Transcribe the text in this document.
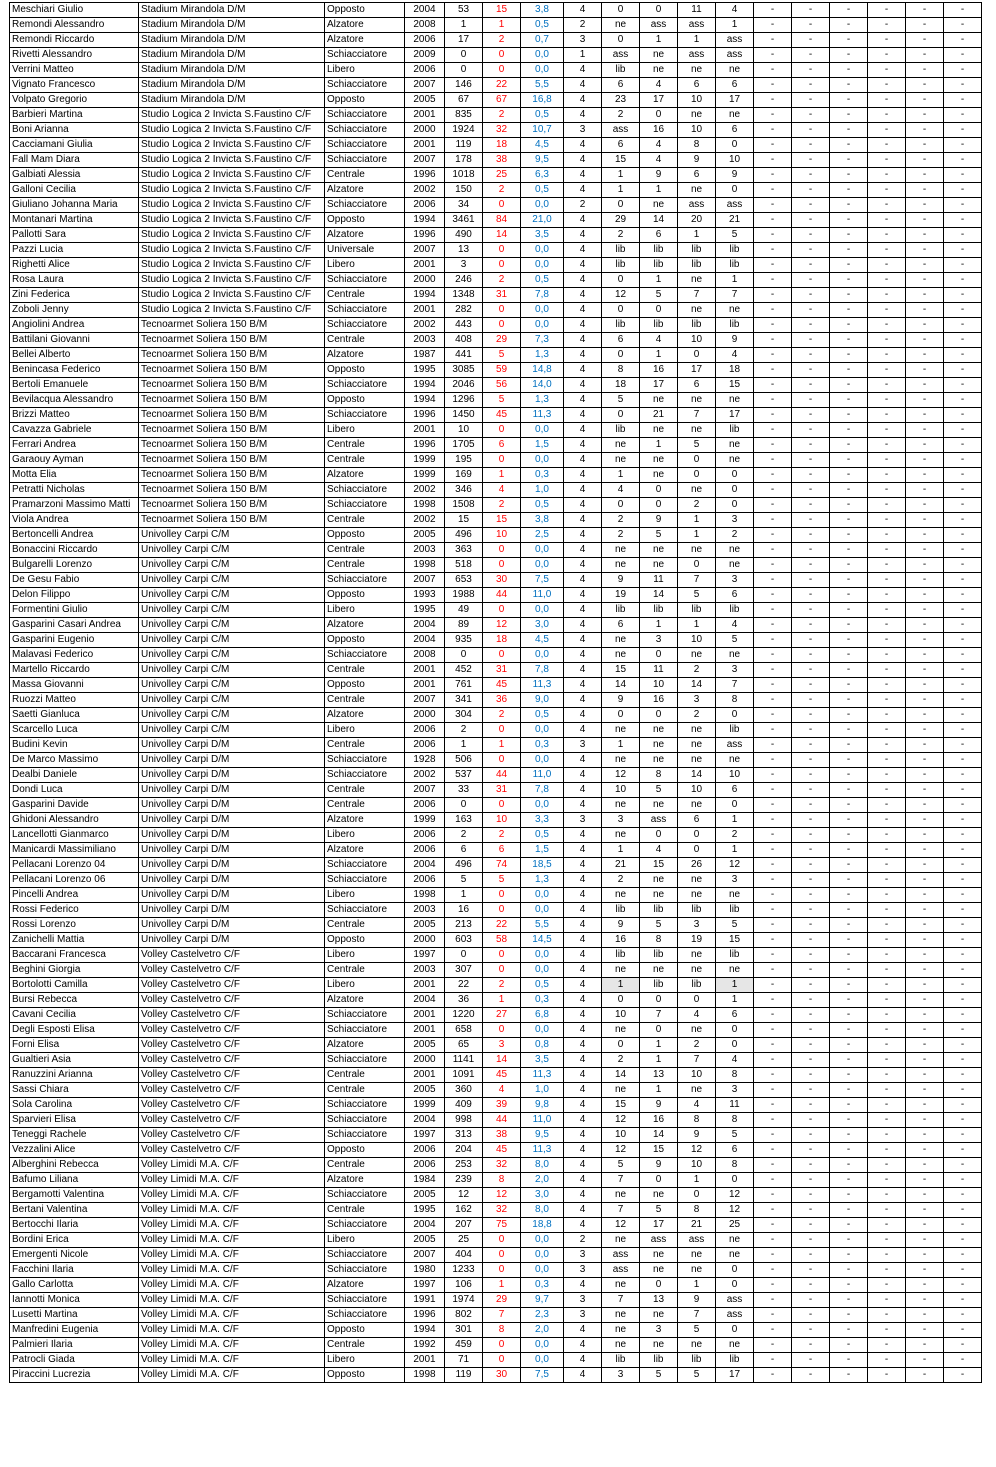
Meschiari Giulio	Stadium Mirandola D/M	Opposto	2004	53	15	3,8	4	0	0	11	4	-	-	-	-	-	-
Remondi Alessandro	Stadium Mirandola D/M	Alzatore	2008	1	1	0,5	2	ne	ass	ass	1	-	-	-	-	-	-
Remondi Riccardo	Stadium Mirandola D/M	Alzatore	2006	17	2	0,7	3	0	1	1	ass	-	-	-	-	-	-
Rivetti Alessandro	Stadium Mirandola D/M	Schiacciatore	2009	0	0	0,0	1	ass	ne	ass	ass	-	-	-	-	-	-
Verrini Matteo	Stadium Mirandola D/M	Libero	2006	0	0	0,0	4	lib	ne	ne	ne	-	-	-	-	-	-
Vignato Francesco	Stadium Mirandola D/M	Schiacciatore	2007	146	22	5,5	4	6	4	6	6	-	-	-	-	-	-
Volpato Gregorio	Stadium Mirandola D/M	Opposto	2005	67	67	16,8	4	23	17	10	17	-	-	-	-	-	-
Barbieri Martina	Studio Logica 2 Invicta S.Faustino C/F	Schiacciatore	2001	835	2	0,5	4	2	0	ne	ne	-	-	-	-	-	-
Boni Arianna	Studio Logica 2 Invicta S.Faustino C/F	Schiacciatore	2000	1924	32	10,7	3	ass	16	10	6	-	-	-	-	-	-
Cacciamani Giulia	Studio Logica 2 Invicta S.Faustino C/F	Schiacciatore	2001	119	18	4,5	4	6	4	8	0	-	-	-	-	-	-
Fall Mam Diara	Studio Logica 2 Invicta S.Faustino C/F	Schiacciatore	2007	178	38	9,5	4	15	4	9	10	-	-	-	-	-	-
Galbiati Alessia	Studio Logica 2 Invicta S.Faustino C/F	Centrale	1996	1018	25	6,3	4	1	9	6	9	-	-	-	-	-	-
Galloni Cecilia	Studio Logica 2 Invicta S.Faustino C/F	Alzatore	2002	150	2	0,5	4	1	1	ne	0	-	-	-	-	-	-
Giuliano Johanna Maria	Studio Logica 2 Invicta S.Faustino C/F	Schiacciatore	2006	34	0	0,0	2	0	ne	ass	ass	-	-	-	-	-	-
Montanari Martina	Studio Logica 2 Invicta S.Faustino C/F	Opposto	1994	3461	84	21,0	4	29	14	20	21	-	-	-	-	-	-
Pallotti Sara	Studio Logica 2 Invicta S.Faustino C/F	Alzatore	1996	490	14	3,5	4	2	6	1	5	-	-	-	-	-	-
Pazzi Lucia	Studio Logica 2 Invicta S.Faustino C/F	Universale	2007	13	0	0,0	4	lib	lib	lib	lib	-	-	-	-	-	-
Righetti Alice	Studio Logica 2 Invicta S.Faustino C/F	Libero	2001	3	0	0,0	4	lib	lib	lib	lib	-	-	-	-	-	-
Rosa Laura	Studio Logica 2 Invicta S.Faustino C/F	Schiacciatore	2000	246	2	0,5	4	0	1	ne	1	-	-	-	-	-	-
Zini Federica	Studio Logica 2 Invicta S.Faustino C/F	Centrale	1994	1348	31	7,8	4	12	5	7	7	-	-	-	-	-	-
Zoboli Jenny	Studio Logica 2 Invicta S.Faustino C/F	Schiacciatore	2001	282	0	0,0	4	0	0	ne	ne	-	-	-	-	-	-
Angiolini Andrea	Tecnoarmet Soliera 150 B/M	Schiacciatore	2002	443	0	0,0	4	lib	lib	lib	lib	-	-	-	-	-	-
Battilani Giovanni	Tecnoarmet Soliera 150 B/M	Centrale	2003	408	29	7,3	4	6	4	10	9	-	-	-	-	-	-
Bellei Alberto	Tecnoarmet Soliera 150 B/M	Alzatore	1987	441	5	1,3	4	0	1	0	4	-	-	-	-	-	-
Benincasa Federico	Tecnoarmet Soliera 150 B/M	Opposto	1995	3085	59	14,8	4	8	16	17	18	-	-	-	-	-	-
Bertoli Emanuele	Tecnoarmet Soliera 150 B/M	Schiacciatore	1994	2046	56	14,0	4	18	17	6	15	-	-	-	-	-	-
Bevilacqua Alessandro	Tecnoarmet Soliera 150 B/M	Opposto	1994	1296	5	1,3	4	5	ne	ne	ne	-	-	-	-	-	-
Brizzi Matteo	Tecnoarmet Soliera 150 B/M	Schiacciatore	1996	1450	45	11,3	4	0	21	7	17	-	-	-	-	-	-
Cavazza Gabriele	Tecnoarmet Soliera 150 B/M	Libero	2001	10	0	0,0	4	lib	ne	ne	lib	-	-	-	-	-	-
Ferrari Andrea	Tecnoarmet Soliera 150 B/M	Centrale	1996	1705	6	1,5	4	ne	1	5	ne	-	-	-	-	-	-
Garaouy Ayman	Tecnoarmet Soliera 150 B/M	Centrale	1999	195	0	0,0	4	ne	ne	0	ne	-	-	-	-	-	-
Motta Elia	Tecnoarmet Soliera 150 B/M	Alzatore	1999	169	1	0,3	4	1	ne	0	0	-	-	-	-	-	-
Petratti Nicholas	Tecnoarmet Soliera 150 B/M	Schiacciatore	2002	346	4	1,0	4	4	0	ne	0	-	-	-	-	-	-
Pramarzoni Massimo Matti	Tecnoarmet Soliera 150 B/M	Schiacciatore	1998	1508	2	0,5	4	0	0	2	0	-	-	-	-	-	-
Viola Andrea	Tecnoarmet Soliera 150 B/M	Centrale	2002	15	15	3,8	4	2	9	1	3	-	-	-	-	-	-
Bertoncelli Andrea	Univolley Carpi C/M	Opposto	2005	496	10	2,5	4	2	5	1	2	-	-	-	-	-	-
Bonaccini Riccardo	Univolley Carpi C/M	Centrale	2003	363	0	0,0	4	ne	ne	ne	ne	-	-	-	-	-	-
Bulgarelli Lorenzo	Univolley Carpi C/M	Centrale	1998	518	0	0,0	4	ne	ne	0	ne	-	-	-	-	-	-
De Gesu Fabio	Univolley Carpi C/M	Schiacciatore	2007	653	30	7,5	4	9	11	7	3	-	-	-	-	-	-
Delon Filippo	Univolley Carpi C/M	Opposto	1993	1988	44	11,0	4	19	14	5	6	-	-	-	-	-	-
Formentini Giulio	Univolley Carpi C/M	Libero	1995	49	0	0,0	4	lib	lib	lib	lib	-	-	-	-	-	-
Gasparini Casari Andrea	Univolley Carpi C/M	Alzatore	2004	89	12	3,0	4	6	1	1	4	-	-	-	-	-	-
Gasparini Eugenio	Univolley Carpi C/M	Opposto	2004	935	18	4,5	4	ne	3	10	5	-	-	-	-	-	-
Malavasi Federico	Univolley Carpi C/M	Schiacciatore	2008	0	0	0,0	4	ne	0	ne	ne	-	-	-	-	-	-
Martello Riccardo	Univolley Carpi C/M	Centrale	2001	452	31	7,8	4	15	11	2	3	-	-	-	-	-	-
Massa Giovanni	Univolley Carpi C/M	Opposto	2001	761	45	11,3	4	14	10	14	7	-	-	-	-	-	-
Ruozzi Matteo	Univolley Carpi C/M	Centrale	2007	341	36	9,0	4	9	16	3	8	-	-	-	-	-	-
Saetti Gianluca	Univolley Carpi C/M	Alzatore	2000	304	2	0,5	4	0	0	2	0	-	-	-	-	-	-
Scarcello Luca	Univolley Carpi C/M	Libero	2006	2	0	0,0	4	ne	ne	ne	lib	-	-	-	-	-	-
Budini Kevin	Univolley Carpi D/M	Centrale	2006	1	1	0,3	3	1	ne	ne	ass	-	-	-	-	-	-
De Marco Massimo	Univolley Carpi D/M	Schiacciatore	1928	506	0	0,0	4	ne	ne	ne	ne	-	-	-	-	-	-
Dealbi Daniele	Univolley Carpi D/M	Schiacciatore	2002	537	44	11,0	4	12	8	14	10	-	-	-	-	-	-
Dondi Luca	Univolley Carpi D/M	Centrale	2007	33	31	7,8	4	10	5	10	6	-	-	-	-	-	-
Gasparini Davide	Univolley Carpi D/M	Centrale	2006	0	0	0,0	4	ne	ne	ne	0	-	-	-	-	-	-
Ghidoni Alessandro	Univolley Carpi D/M	Alzatore	1999	163	10	3,3	3	3	ass	6	1	-	-	-	-	-	-
Lancellotti Gianmarco	Univolley Carpi D/M	Libero	2006	2	2	0,5	4	ne	0	0	2	-	-	-	-	-	-
Manicardi Massimiliano	Univolley Carpi D/M	Alzatore	2006	6	6	1,5	4	1	4	0	1	-	-	-	-	-	-
Pellacani Lorenzo 04	Univolley Carpi D/M	Schiacciatore	2004	496	74	18,5	4	21	15	26	12	-	-	-	-	-	-
Pellacani Lorenzo 06	Univolley Carpi D/M	Schiacciatore	2006	5	5	1,3	4	2	ne	ne	3	-	-	-	-	-	-
Pincelli Andrea	Univolley Carpi D/M	Libero	1998	1	0	0,0	4	ne	ne	ne	ne	-	-	-	-	-	-
Rossi Federico	Univolley Carpi D/M	Schiacciatore	2003	16	0	0,0	4	lib	lib	lib	lib	-	-	-	-	-	-
Rossi Lorenzo	Univolley Carpi D/M	Centrale	2005	213	22	5,5	4	9	5	3	5	-	-	-	-	-	-
Zanichelli Mattia	Univolley Carpi D/M	Opposto	2000	603	58	14,5	4	16	8	19	15	-	-	-	-	-	-
Baccarani Francesca	Volley Castelvetro C/F	Libero	1997	0	0	0,0	4	lib	lib	ne	lib	-	-	-	-	-	-
Beghini Giorgia	Volley Castelvetro C/F	Centrale	2003	307	0	0,0	4	ne	ne	ne	ne	-	-	-	-	-	-
Bortolotti Camilla	Volley Castelvetro C/F	Libero	2001	22	2	0,5	4	1	lib	lib	1	-	-	-	-	-	-
Bursi Rebecca	Volley Castelvetro C/F	Alzatore	2004	36	1	0,3	4	0	0	0	1	-	-	-	-	-	-
Cavani Cecilia	Volley Castelvetro C/F	Schiacciatore	2001	1220	27	6,8	4	10	7	4	6	-	-	-	-	-	-
Degli Esposti Elisa	Volley Castelvetro C/F	Schiacciatore	2001	658	0	0,0	4	ne	0	ne	0	-	-	-	-	-	-
Forni Elisa	Volley Castelvetro C/F	Alzatore	2005	65	3	0,8	4	0	1	2	0	-	-	-	-	-	-
Gualtieri Asia	Volley Castelvetro C/F	Schiacciatore	2000	1141	14	3,5	4	2	1	7	4	-	-	-	-	-	-
Ranuzzini Arianna	Volley Castelvetro C/F	Centrale	2001	1091	45	11,3	4	14	13	10	8	-	-	-	-	-	-
Sassi Chiara	Volley Castelvetro C/F	Centrale	2005	360	4	1,0	4	ne	1	ne	3	-	-	-	-	-	-
Sola Carolina	Volley Castelvetro C/F	Schiacciatore	1999	409	39	9,8	4	15	9	4	11	-	-	-	-	-	-
Sparvieri Elisa	Volley Castelvetro C/F	Schiacciatore	2004	998	44	11,0	4	12	16	8	8	-	-	-	-	-	-
Teneggi Rachele	Volley Castelvetro C/F	Schiacciatore	1997	313	38	9,5	4	10	14	9	5	-	-	-	-	-	-
Vezzalini Alice	Volley Castelvetro C/F	Opposto	2006	204	45	11,3	4	12	15	12	6	-	-	-	-	-	-
Alberghini Rebecca	Volley Limidi M.A. C/F	Centrale	2006	253	32	8,0	4	5	9	10	8	-	-	-	-	-	-
Bafumo Liliana	Volley Limidi M.A. C/F	Alzatore	1984	239	8	2,0	4	7	0	1	0	-	-	-	-	-	-
Bergamotti Valentina	Volley Limidi M.A. C/F	Schiacciatore	2005	12	12	3,0	4	ne	ne	0	12	-	-	-	-	-	-
Bertani Valentina	Volley Limidi M.A. C/F	Centrale	1995	162	32	8,0	4	7	5	8	12	-	-	-	-	-	-
Bertocchi Ilaria	Volley Limidi M.A. C/F	Schiacciatore	2004	207	75	18,8	4	12	17	21	25	-	-	-	-	-	-
Bordini Erica	Volley Limidi M.A. C/F	Libero	2005	25	0	0,0	2	ne	ass	ass	ne	-	-	-	-	-	-
Emergenti Nicole	Volley Limidi M.A. C/F	Schiacciatore	2007	404	0	0,0	3	ass	ne	ne	ne	-	-	-	-	-	-
Facchini Ilaria	Volley Limidi M.A. C/F	Schiacciatore	1980	1233	0	0,0	3	ass	ne	ne	0	-	-	-	-	-	-
Gallo Carlotta	Volley Limidi M.A. C/F	Alzatore	1997	106	1	0,3	4	ne	0	1	0	-	-	-	-	-	-
Iannotti Monica	Volley Limidi M.A. C/F	Schiacciatore	1991	1974	29	9,7	3	7	13	9	ass	-	-	-	-	-	-
Lusetti Martina	Volley Limidi M.A. C/F	Schiacciatore	1996	802	7	2,3	3	ne	ne	7	ass	-	-	-	-	-	-
Manfredini Eugenia	Volley Limidi M.A. C/F	Opposto	1994	301	8	2,0	4	ne	3	5	0	-	-	-	-	-	-
Palmieri Ilaria	Volley Limidi M.A. C/F	Centrale	1992	459	0	0,0	4	ne	ne	ne	ne	-	-	-	-	-	-
Patrocli Giada	Volley Limidi M.A. C/F	Libero	2001	71	0	0,0	4	lib	lib	lib	lib	-	-	-	-	-	-
Piraccini Lucrezia	Volley Limidi M.A. C/F	Opposto	1998	119	30	7,5	4	3	5	5	17	-	-	-	-	-	-
